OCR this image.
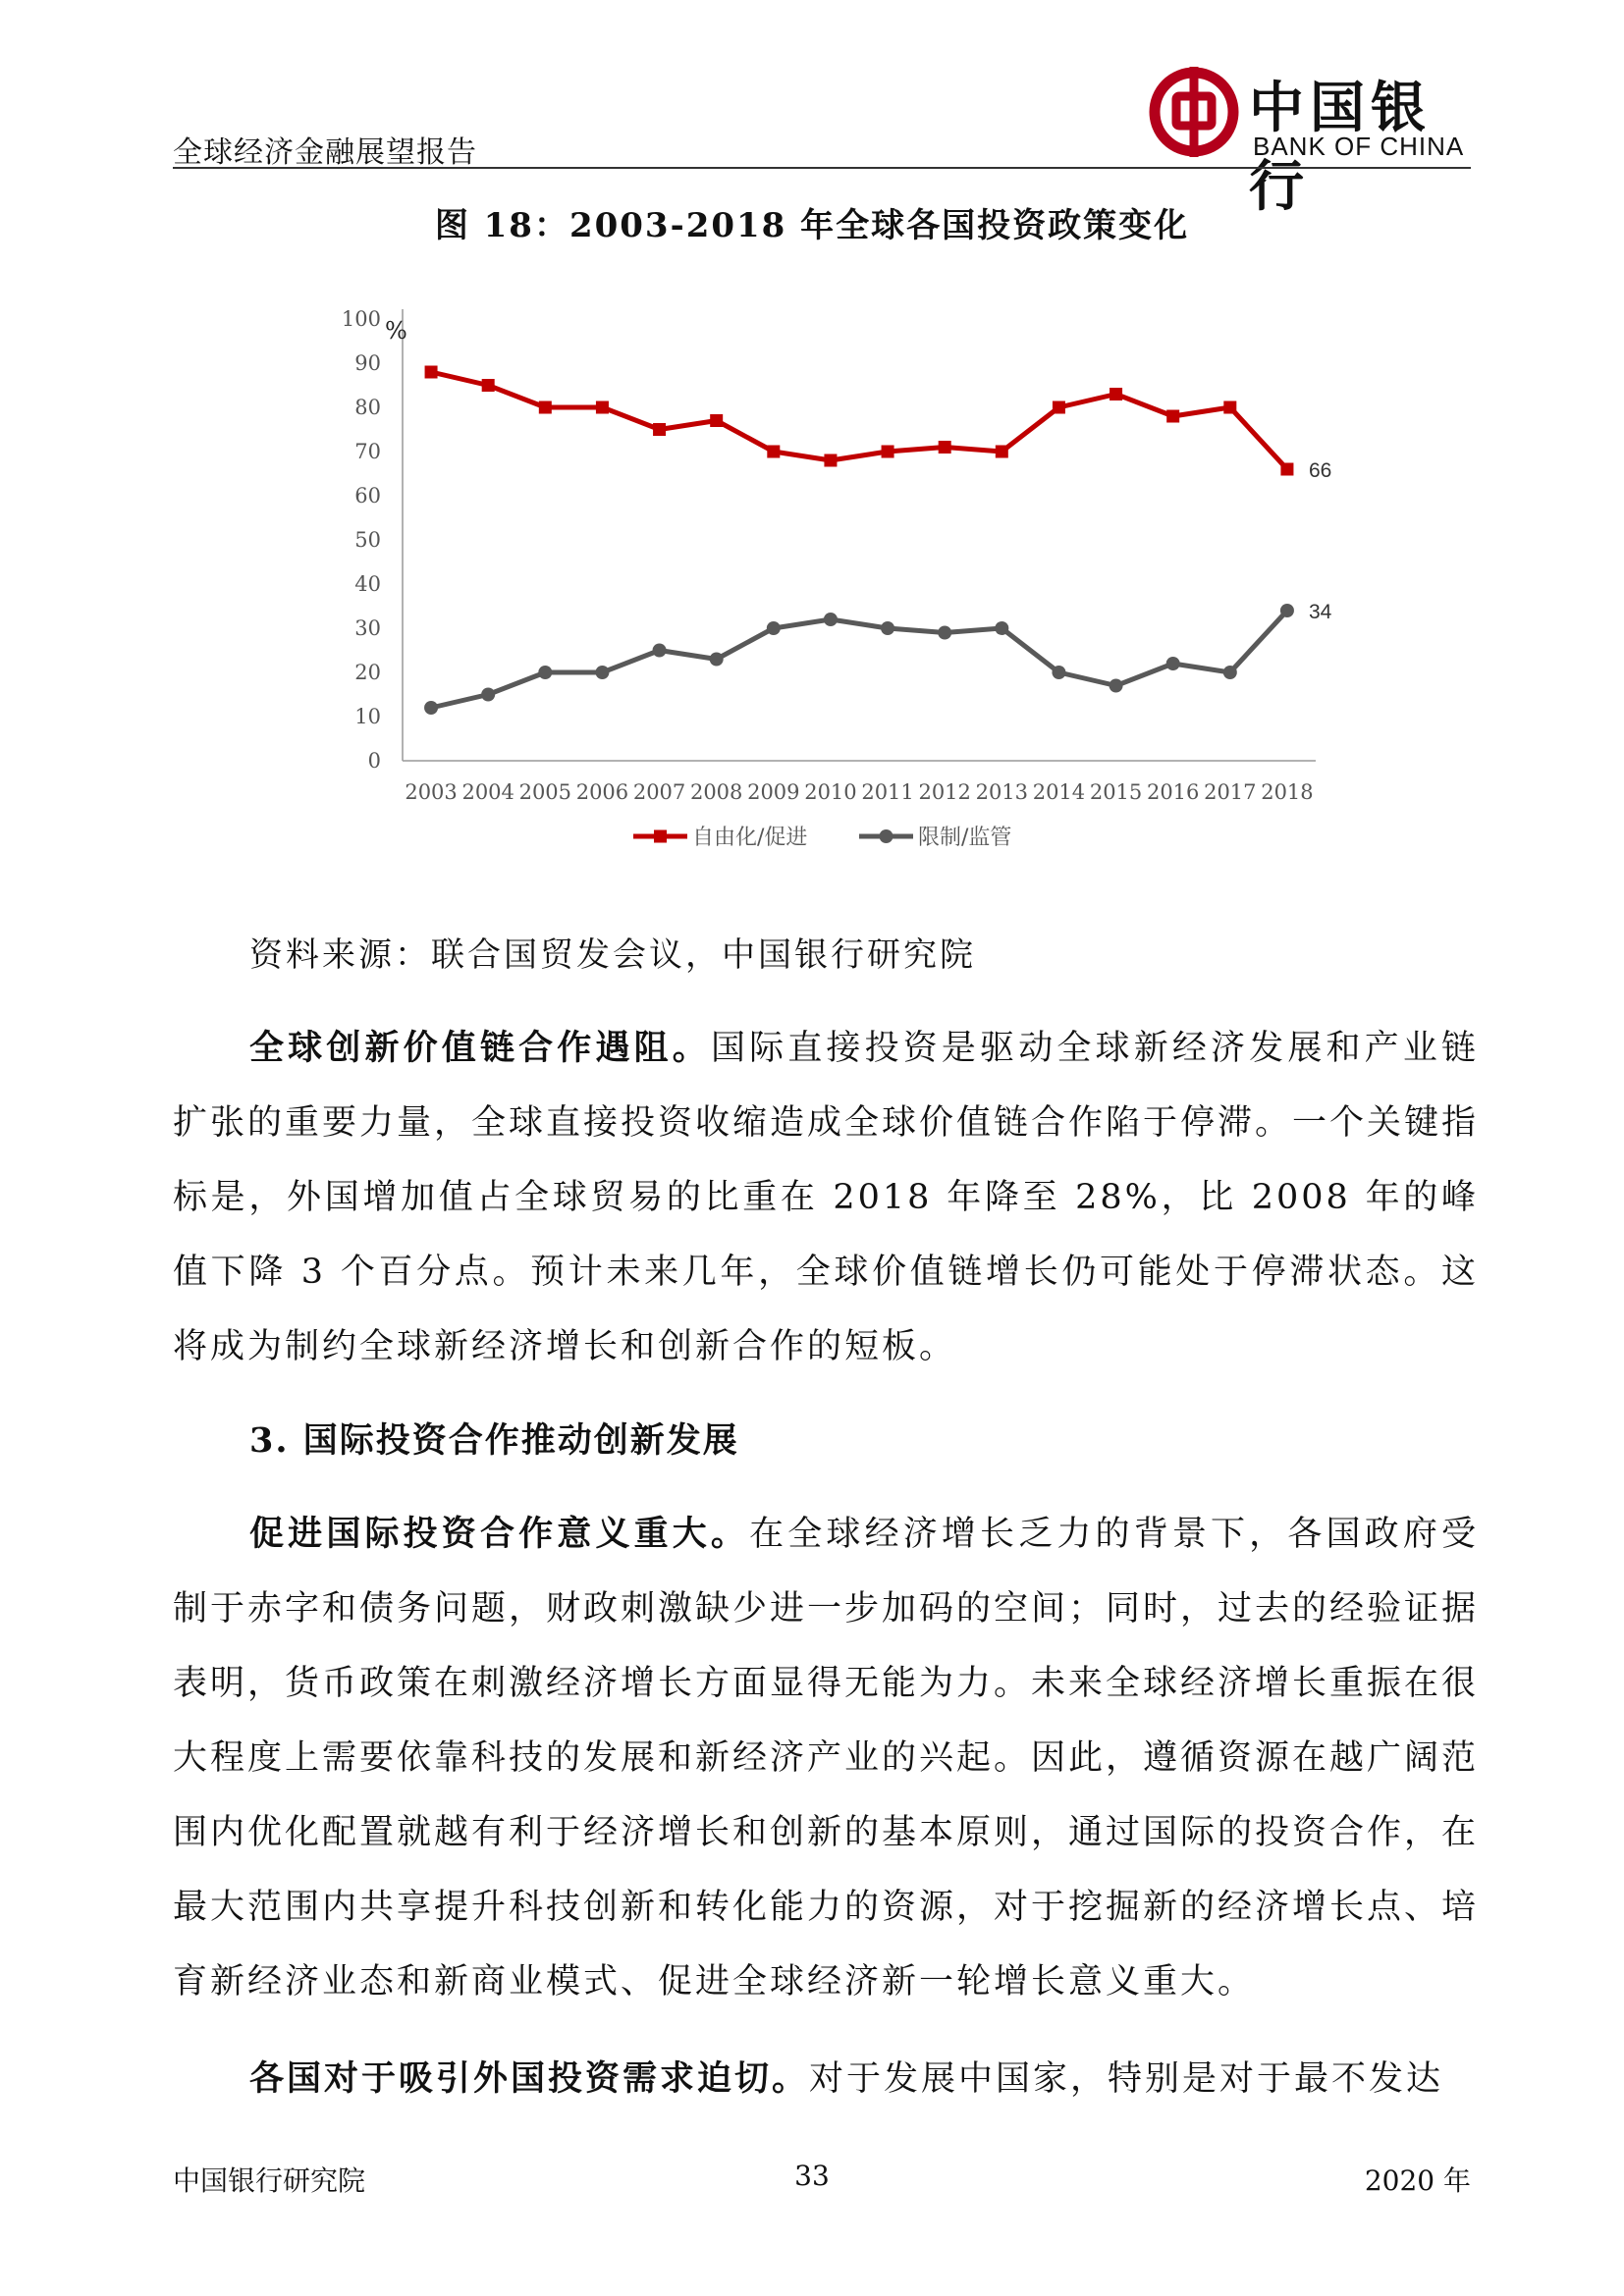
全球经济金融展望报告
中国银行
BANK OF CHINA
图 18：2003-2018 年全球各国投资政策变化
0
10
20
30
40
50
60
70
80
90
100 %
2003 2004 2005 2006 2007 2008 2009 2010 2011 2012 2013 2014 2015 2016 2017 2018
66
34
自由化/促进	限制/监管
资料来源：联合国贸发会议，中国银行研究院

全球创新价值链合作遇阻。国际直接投资是驱动全球新经济发展和产业链扩张的重要力量，全球直接投资收缩造成全球价值链合作陷于停滞。一个关键指标是，外国增加值占全球贸易的比重在 2018 年降至 28%，比 2008 年的峰值下降 3 个百分点。预计未来几年，全球价值链增长仍可能处于停滞状态。这将成为制约全球新经济增长和创新合作的短板。

3. 国际投资合作推动创新发展

促进国际投资合作意义重大。在全球经济增长乏力的背景下，各国政府受制于赤字和债务问题，财政刺激缺少进一步加码的空间；同时，过去的经验证据表明，货币政策在刺激经济增长方面显得无能为力。未来全球经济增长重振在很大程度上需要依靠科技的发展和新经济产业的兴起。因此，遵循资源在越广阔范围内优化配置就越有利于经济增长和创新的基本原则，通过国际的投资合作，在最大范围内共享提升科技创新和转化能力的资源，对于挖掘新的经济增长点、培育新经济业态和新商业模式、促进全球经济新一轮增长意义重大。

各国对于吸引外国投资需求迫切。对于发展中国家，特别是对于最不发达

中国银行研究院	33	2020 年
